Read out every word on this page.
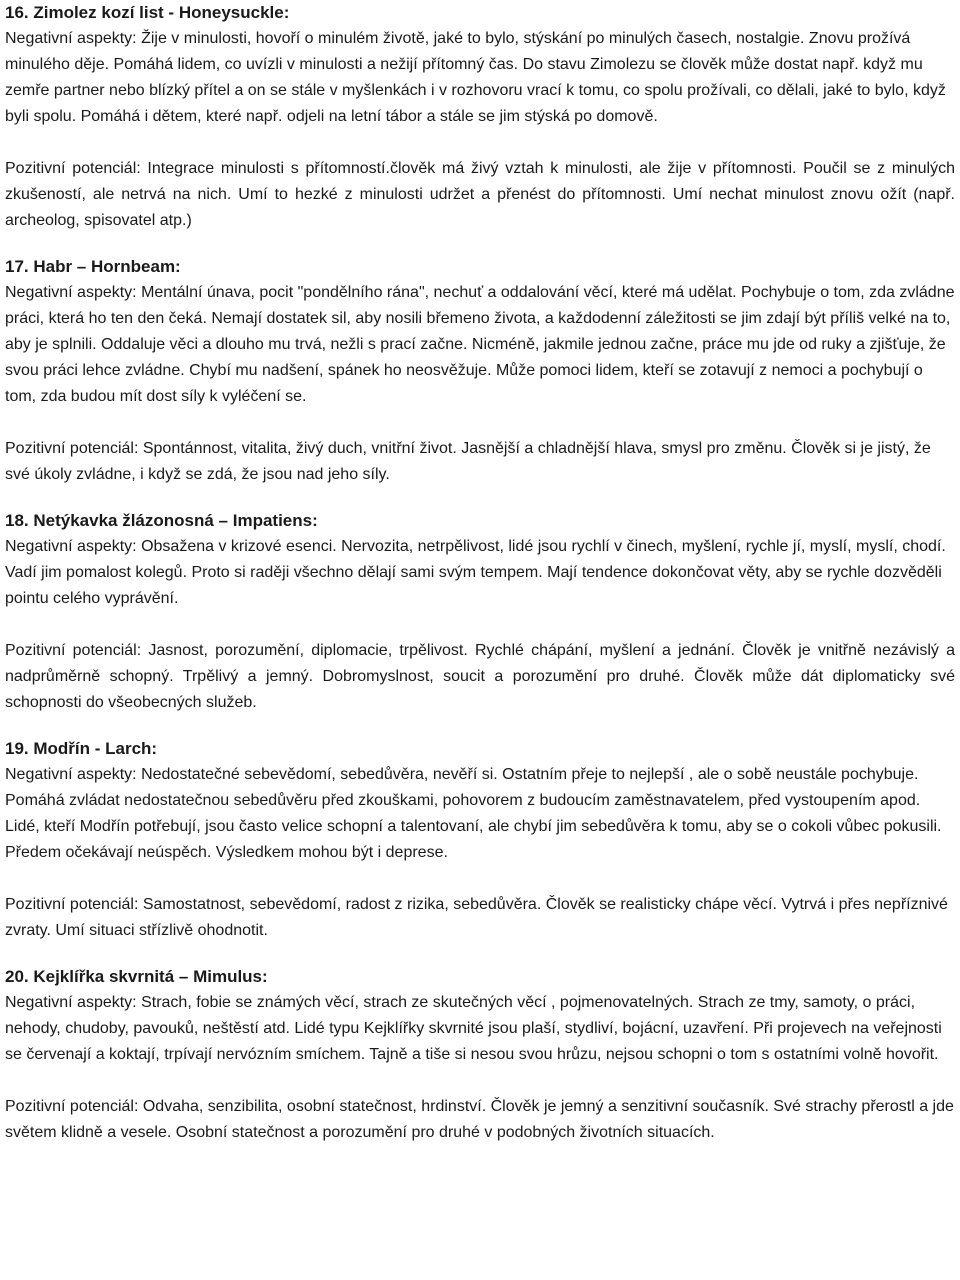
16. Zimolez kozí list - Honeysuckle:

Negativní aspekty: Žije v minulosti, hovoří o minulém životě, jaké to bylo, stýskání po minulých časech, nostalgie. Znovu prožívá minulého děje. Pomáhá lidem, co uvízli v minulosti a nežijí přítomný čas. Do stavu Zimolezu se člověk může dostat např. když mu zemře partner nebo blízký přítel a on se stále v myšlenkách i v rozhovoru vrací k tomu, co spolu prožívali, co dělali, jaké to bylo, když byli spolu. Pomáhá i dětem, které např. odjeli na letní tábor a stále se jim stýská po domově.

Pozitivní potenciál: Integrace minulosti s přítomností.člověk má živý vztah k minulosti, ale žije v přítomnosti. Poučil se z minulých zkušeností, ale netrvá na nich. Umí to hezké z minulosti udržet a přenést do přítomnosti. Umí nechat minulost znovu ožít (např. archeolog, spisovatel atp.)

17. Habr – Hornbeam:

Negativní aspekty: Mentální únava, pocit "pondělního rána", nechuť a oddalování věcí, které má udělat. Pochybuje o tom, zda zvládne práci, která ho ten den čeká. Nemají dostatek sil, aby nosili břemeno života, a každodenní záležitosti se jim zdají být příliš velké na to, aby je splnili. Oddaluje věci a dlouho mu trvá, nežli s prací začne. Nicméně, jakmile jednou začne, práce mu jde od ruky a zjišťuje, že svou práci lehce zvládne. Chybí mu nadšení, spánek ho neosvěžuje. Může pomoci lidem, kteří se zotavují z nemoci a pochybují o tom, zda budou mít dost síly k vyléčení se.

Pozitivní potenciál: Spontánnost, vitalita, živý duch, vnitřní život. Jasnější a chladnější hlava, smysl pro změnu. Člověk si je jistý, že své úkoly zvládne, i když se zdá, že jsou nad jeho síly.

18. Netýkavka žlázonosná – Impatiens:

Negativní aspekty: Obsažena v krizové esenci. Nervozita, netrpělivost, lidé jsou rychlí v činech, myšlení, rychle jí, myslí, myslí, chodí. Vadí jim pomalost kolegů. Proto si raději všechno dělají sami svým tempem. Mají tendence dokončovat věty, aby se rychle dozvěděli pointu celého vyprávění.

Pozitivní potenciál: Jasnost, porozumění, diplomacie, trpělivost. Rychlé chápání, myšlení a jednání. Člověk je vnitřně nezávislý a nadprůměrně schopný. Trpělivý a jemný. Dobromyslnost, soucit a porozumění pro druhé. Člověk může dát diplomaticky své schopnosti do všeobecných služeb.

19. Modřín - Larch:

Negativní aspekty: Nedostatečné sebevědomí, sebedůvěra, nevěří si. Ostatním přeje to nejlepší , ale o sobě neustále pochybuje. Pomáhá zvládat nedostatečnou sebedůvěru před zkouškami, pohovorem z budoucím zaměstnavatelem, před vystoupením apod. Lidé, kteří Modřín potřebují, jsou často velice schopní a talentovaní, ale chybí jim sebedůvěra k tomu, aby se o cokoli vůbec pokusili. Předem očekávají neúspěch. Výsledkem mohou být i deprese.

Pozitivní potenciál: Samostatnost, sebevědomí, radost z rizika, sebedůvěra. Člověk se realisticky chápe věcí. Vytrvá i přes nepříznivé zvraty. Umí situaci střízlivě ohodnotit.

20. Kejklířka skvrnitá – Mimulus:

Negativní aspekty: Strach, fobie se známých věcí, strach ze skutečných věcí , pojmenovatelných. Strach ze tmy, samoty, o práci, nehody, chudoby, pavouků, neštěstí atd. Lidé typu Kejklířky skvrnité jsou plaší, stydliví, bojácní, uzavření. Při projevech na veřejnosti se červenají a koktají, trpívají nervózním smíchem. Tajně a tiše si nesou svou hrůzu, nejsou schopni o tom s ostatními volně hovořit.

Pozitivní potenciál: Odvaha, senzibilita, osobní statečnost, hrdinství. Člověk je jemný a senzitivní současník. Své strachy přerostl a jde světem klidně a vesele. Osobní statečnost a porozumění pro druhé v podobných životních situacích.
